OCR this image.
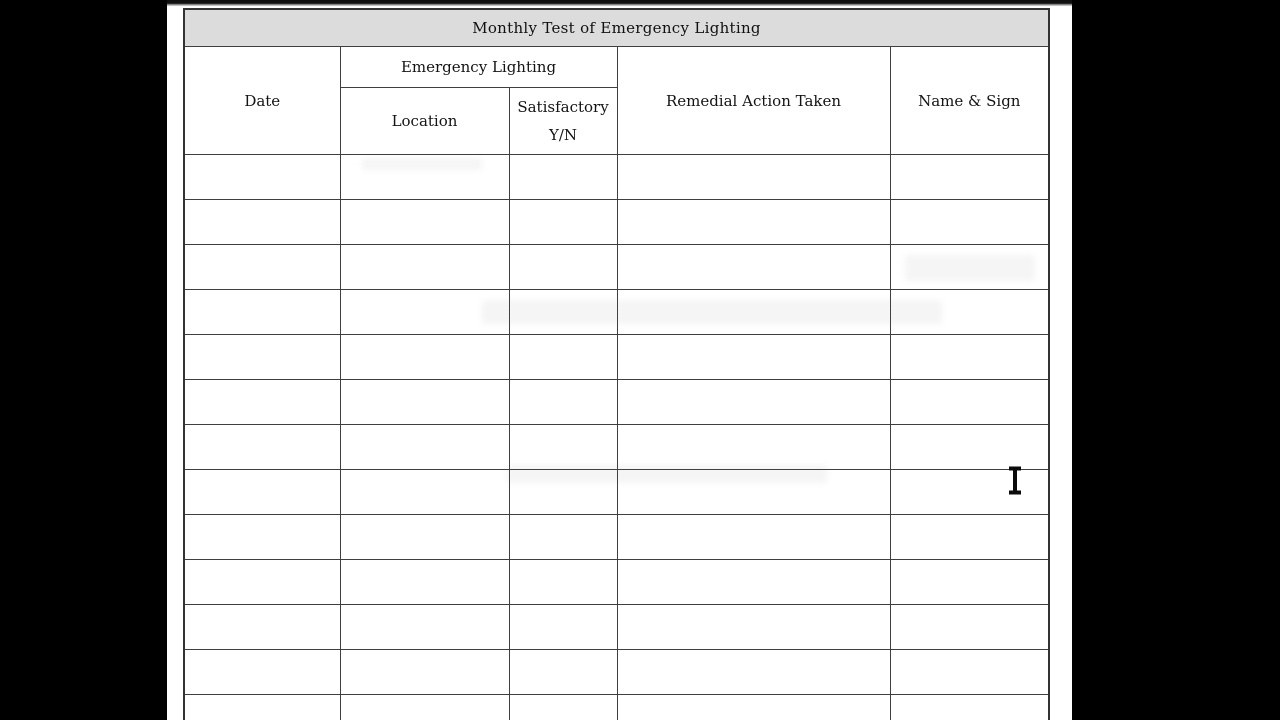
Monthly Test of Emergency Lighting				
Date	Emergency Lighting		Remedial Action Taken	Name & Sign
	Location	Satisfactory
Y/N		
